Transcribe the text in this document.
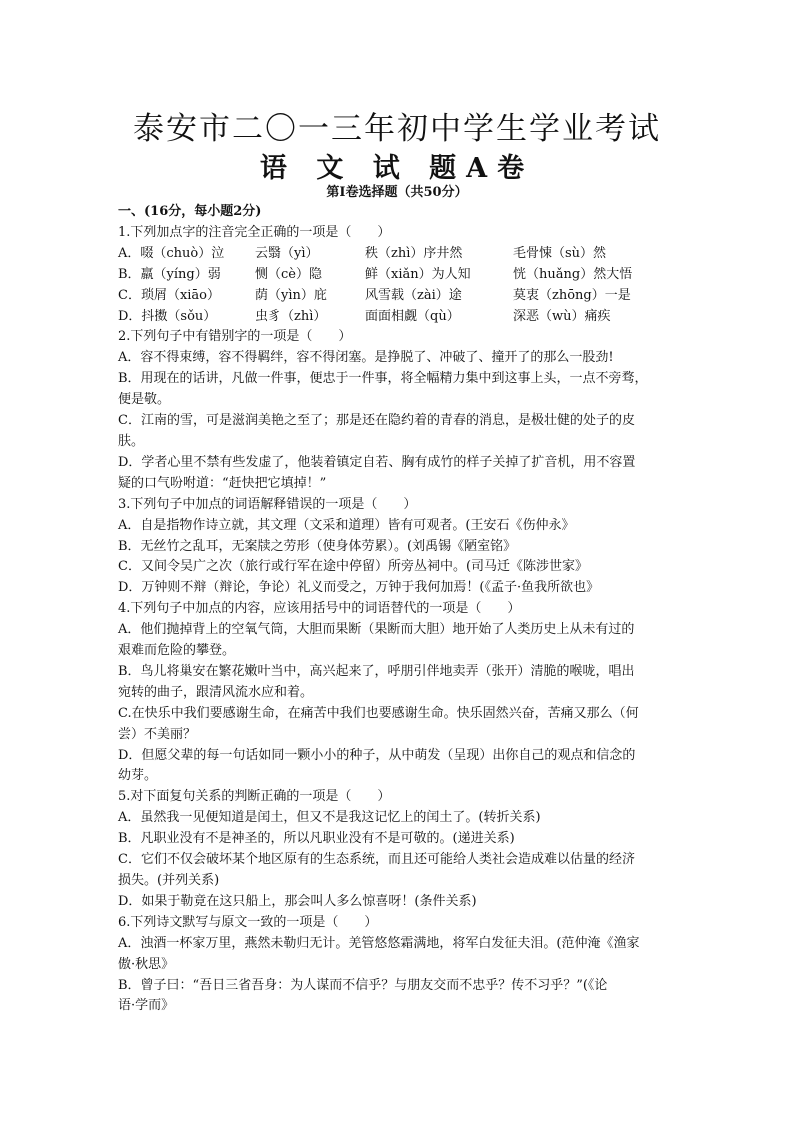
泰安市二〇一三年初中学生学业考试
语 文 试 题A卷
第Ⅰ卷选择题（共50分）
一、(16分，每小题2分)
1.下列加点字的注音完全正确的一项是（　　）
A．啜（chuò）泣	云翳（yì）	秩（zhì）序井然	毛骨悚（sù）然
B．羸（yíng）弱	恻（cè）隐	鲜（xiǎn）为人知	恍（huǎng）然大悟
C．琐屑（xiāo）	荫（yìn）庇	风雪载（zài）途	莫衷（zhōng）一是
D．抖擞（sǒu）	虫豸（zhì）	面面相觑（qù）	深恶（wù）痛疾
2.下列句子中有错别字的一项是（　　）
A．容不得束缚，容不得羁绊，容不得闭塞。是挣脱了、冲破了、撞开了的那么一股劲!
B．用现在的话讲，凡做一件事，便忠于一件事，将全幅精力集中到这事上头，一点不旁骛，
便是敬。
C．江南的雪，可是滋润美艳之至了；那是还在隐约着的青春的消息，是极壮健的处子的皮
肤。
D．学者心里不禁有些发虚了，他装着镇定自若、胸有成竹的样子关掉了扩音机，用不容置
疑的口气吩咐道：“赶快把它填掉！”
3.下列句子中加点的词语解释错误的一项是（　　）
A．自是指物作诗立就，其文理（文采和道理）皆有可观者。(王安石《伤仲永》
B．无丝竹之乱耳，无案牍之劳形（使身体劳累）。(刘禹锡《陋室铭》
C．又间令吴广之次（旅行或行军在途中停留）所旁丛祠中。(司马迁《陈涉世家》
D．万钟则不辩（辩论，争论）礼义而受之，万钟于我何加焉！(《孟子·鱼我所欲也》
4.下列句子中加点的内容，应该用括号中的词语替代的一项是（　　）
A．他们抛掉背上的空氧气筒，大胆而果断（果断而大胆）地开始了人类历史上从未有过的
艰难而危险的攀登。
B．鸟儿将巢安在繁花嫩叶当中，高兴起来了，呼朋引伴地卖弄（张开）清脆的喉咙，唱出
宛转的曲子，跟清风流水应和着。
C.在快乐中我们要感谢生命，在痛苦中我们也要感谢生命。快乐固然兴奋，苦痛又那么（何
尝）不美丽？
D．但愿父辈的每一句话如同一颗小小的种子，从中萌发（呈现）出你自己的观点和信念的
幼芽。
5.对下面复句关系的判断正确的一项是（　　）
A．虽然我一见便知道是闰土，但又不是我这记忆上的闰土了。(转折关系)
B．凡职业没有不是神圣的，所以凡职业没有不是可敬的。(递进关系)
C．它们不仅会破坏某个地区原有的生态系统，而且还可能给人类社会造成难以估量的经济
损失。(并列关系)
D．如果于勒竟在这只船上，那会叫人多么惊喜呀！(条件关系)
6.下列诗文默写与原文一致的一项是（　　）
A．浊酒一杯家万里，燕然未勒归无计。羌管悠悠霜满地，将军白发征夫泪。(范仲淹《渔家
傲·秋思》
B．曾子曰：“吾日三省吾身：为人谋而不信乎？与朋友交而不忠乎？传不习乎？”(《论
语·学而》
